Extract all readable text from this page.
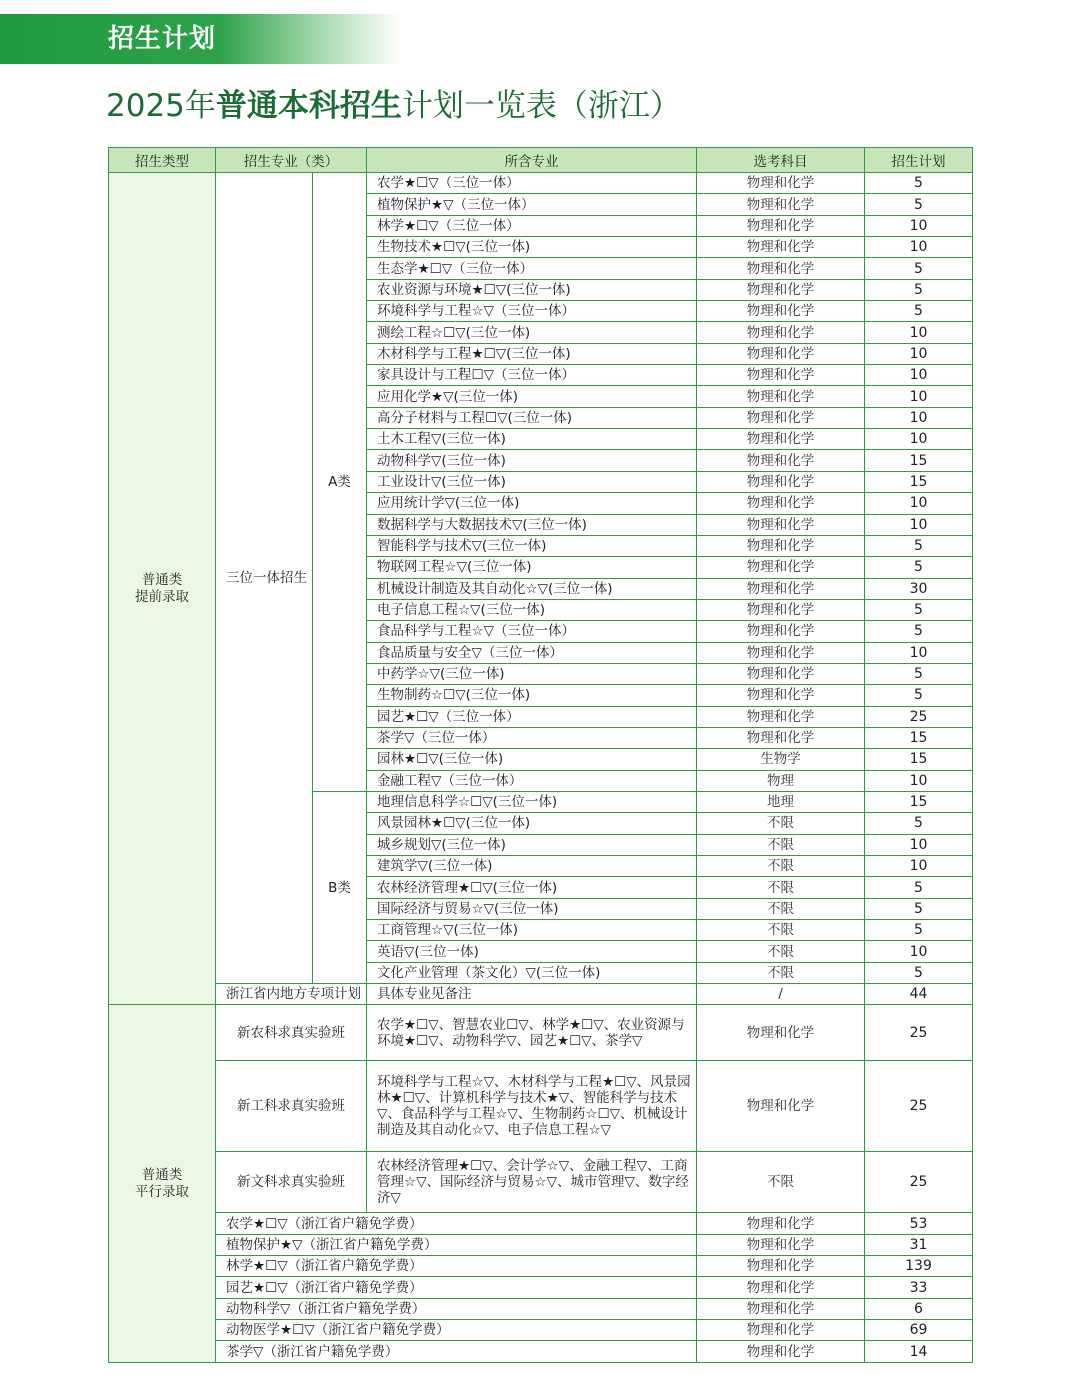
招生计划
2025年普通本科招生计划一览表（浙江）
招生类型	招生专业（类）		所含专业	选考科目	招生计划
普通类
提前录取	三位一体招生	A类	农学★☐▽（三位一体）	物理和化学	5
			植物保护★▽（三位一体）	物理和化学	5
			林学★☐▽（三位一体）	物理和化学	10
			生物技术★☐▽(三位一体)	物理和化学	10
			生态学★☐▽（三位一体）	物理和化学	5
			农业资源与环境★☐▽(三位一体)	物理和化学	5
			环境科学与工程☆▽（三位一体）	物理和化学	5
			测绘工程☆☐▽(三位一体)	物理和化学	10
			木材科学与工程★☐▽(三位一体)	物理和化学	10
			家具设计与工程☐▽（三位一体）	物理和化学	10
			应用化学★▽(三位一体)	物理和化学	10
			高分子材料与工程☐▽(三位一体)	物理和化学	10
			土木工程▽(三位一体)	物理和化学	10
			动物科学▽(三位一体)	物理和化学	15
			工业设计▽(三位一体)	物理和化学	15
			应用统计学▽(三位一体)	物理和化学	10
			数据科学与大数据技术▽(三位一体)	物理和化学	10
			智能科学与技术▽(三位一体)	物理和化学	5
			物联网工程☆▽(三位一体)	物理和化学	5
			机械设计制造及其自动化☆▽(三位一体)	物理和化学	30
			电子信息工程☆▽(三位一体)	物理和化学	5
			食品科学与工程☆▽（三位一体）	物理和化学	5
			食品质量与安全▽（三位一体）	物理和化学	10
			中药学☆▽(三位一体)	物理和化学	5
			生物制药☆☐▽(三位一体)	物理和化学	5
			园艺★☐▽（三位一体）	物理和化学	25
			茶学▽（三位一体）	物理和化学	15
			园林★☐▽(三位一体)	生物学	15
			金融工程▽（三位一体）	物理	10
		B类	地理信息科学☆☐▽(三位一体)	地理	15
			风景园林★☐▽(三位一体)	不限	5
			城乡规划▽(三位一体)	不限	10
			建筑学▽(三位一体)	不限	10
			农林经济管理★☐▽(三位一体)	不限	5
			国际经济与贸易☆▽(三位一体)	不限	5
			工商管理☆▽(三位一体)	不限	5
			英语▽(三位一体)	不限	10
			文化产业管理（茶文化）▽(三位一体)	不限	5
	浙江省内地方专项计划		具体专业见备注	/	44
普通类
平行录取	新农科求真实验班		农学★☐▽、智慧农业☐▽、林学★☐▽、农业资源与环境★☐▽、动物科学▽、园艺★☐▽、茶学▽	物理和化学	25
	新工科求真实验班		环境科学与工程☆▽、木材科学与工程★☐▽、风景园林★☐▽、计算机科学与技术★▽、智能科学与技术▽、食品科学与工程☆▽、生物制药☆☐▽、机械设计制造及其自动化☆▽、电子信息工程☆▽	物理和化学	25
	新文科求真实验班		农林经济管理★☐▽、会计学☆▽、金融工程▽、工商管理☆▽、国际经济与贸易☆▽、城市管理▽、数字经济▽	不限	25
	农学★☐▽（浙江省户籍免学费）			物理和化学	53
	植物保护★▽（浙江省户籍免学费）			物理和化学	31
	林学★☐▽（浙江省户籍免学费）			物理和化学	139
	园艺★☐▽（浙江省户籍免学费）			物理和化学	33
	动物科学▽（浙江省户籍免学费）			物理和化学	6
	动物医学★☐▽（浙江省户籍免学费）			物理和化学	69
	茶学▽（浙江省户籍免学费）			物理和化学	14
